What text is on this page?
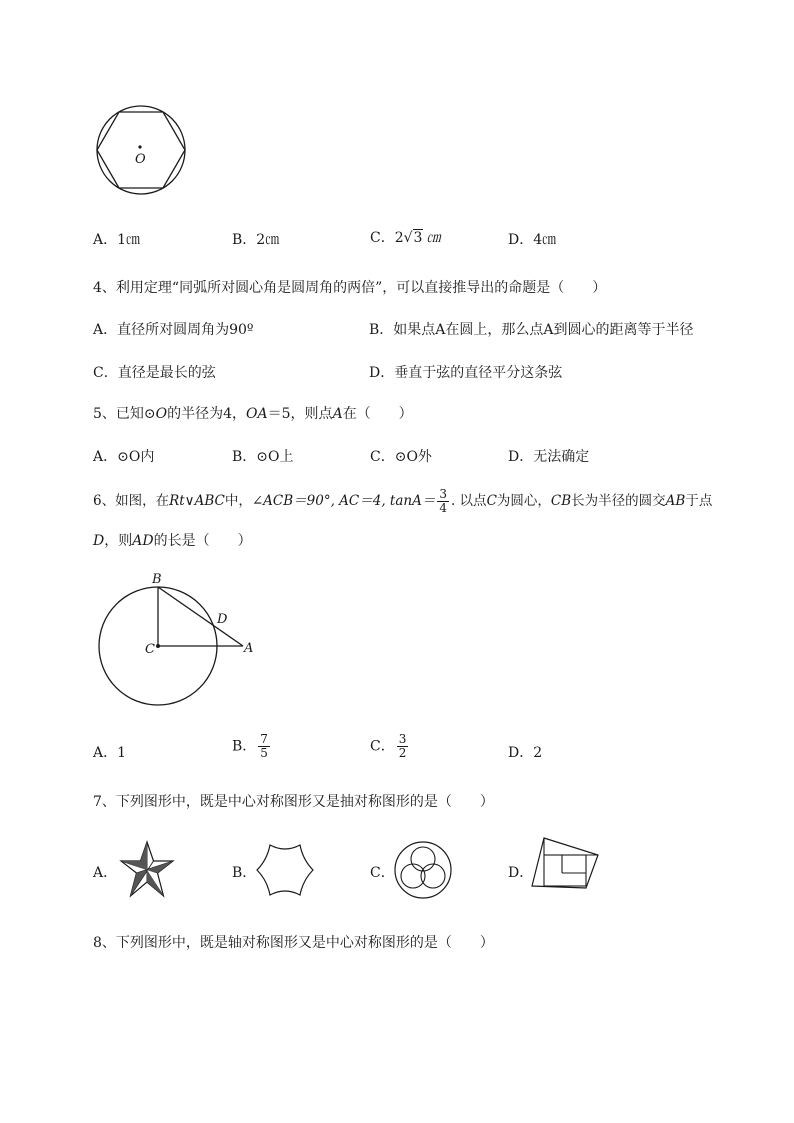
O
A．1㎝	B．2㎝	C．2√3 ㎝	D．4㎝
4、利用定理“同弧所对圆心角是圆周角的两倍”，可以直接推导出的命题是（　　）
A．直径所对圆周角为90º	B．如果点A在圆上，那么点A到圆心的距离等于半径
C．直径是最长的弦	D．垂直于弦的直径平分这条弦
5、已知⊙O的半径为4，OA＝5，则点A在（　　）
A．⊙O内	B．⊙O上	C．⊙O外	D．无法确定
6、如图，在Rt∨ABC中，∠ACB＝90°, AC＝4, $\tan A= \frac{3}{4}$ . 以点C为圆心，CB长为半径的圆交AB于点
D，则AD的长是（　　）
B
D
C	A
A．1	B． $\frac{7}{5}$	C． $\frac{3}{2}$	D．2
7、下列图形中，既是中心对称图形又是抽对称图形的是（　　）
A．	B．	C．	D．
8、下列图形中，既是轴对称图形又是中心对称图形的是（　　）
